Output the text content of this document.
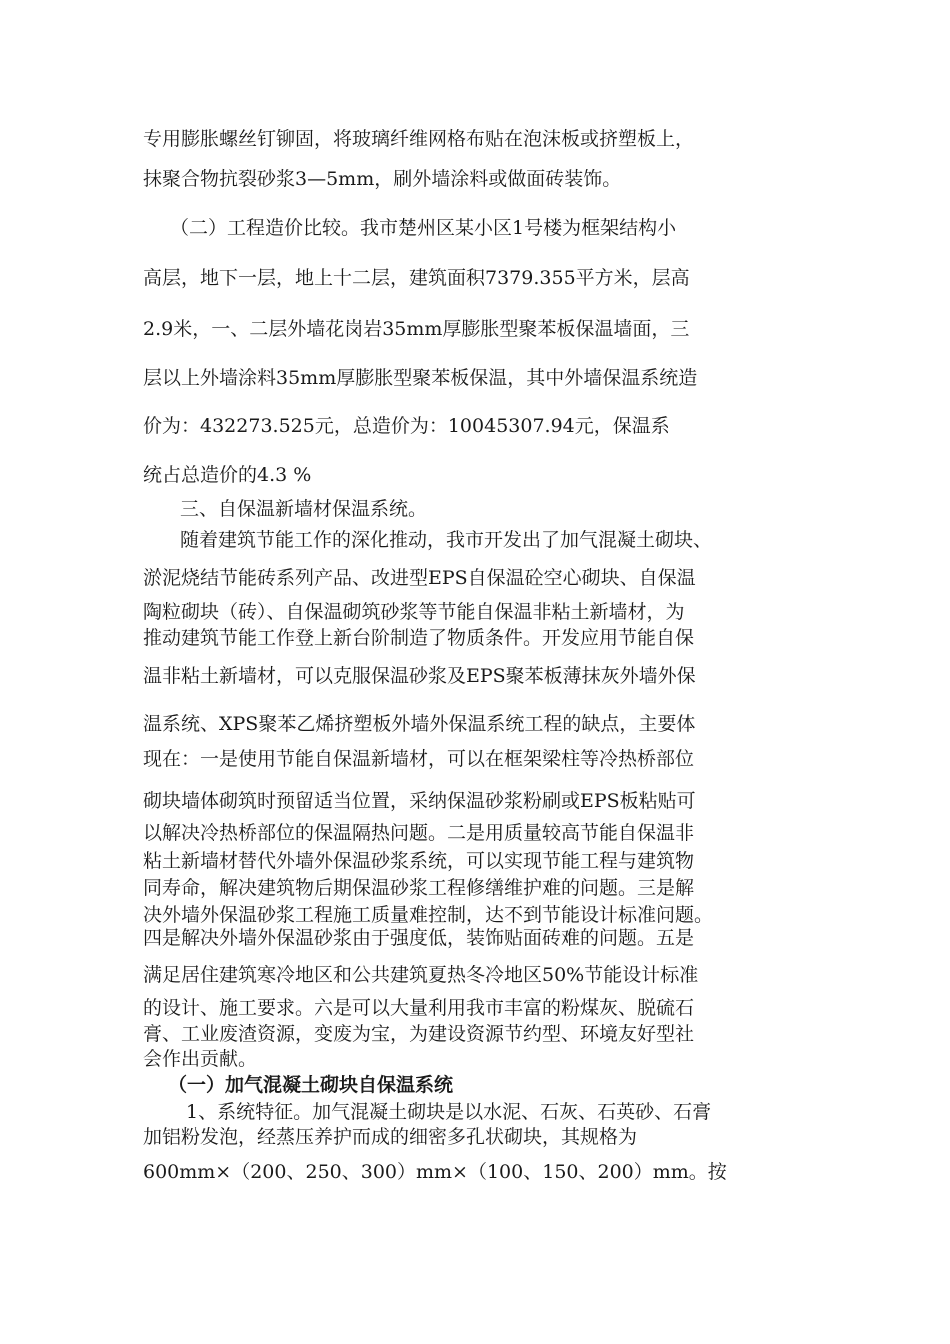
专用膨胀螺丝钉铆固，将玻璃纤维网格布贴在泡沫板或挤塑板上，
抹聚合物抗裂砂浆3—5mm，刷外墙涂料或做面砖装饰。
（二）工程造价比较。我市楚州区某小区1号楼为框架结构小
高层，地下一层，地上十二层，建筑面积7379.355平方米，层高
2.9米，一、二层外墙花岗岩35mm厚膨胀型聚苯板保温墙面，三
层以上外墙涂料35mm厚膨胀型聚苯板保温，其中外墙保温系统造
价为：432273.525元，总造价为：10045307.94元，保温系
统占总造价的4.3 %
三、自保温新墙材保温系统。
随着建筑节能工作的深化推动，我市开发出了加气混凝土砌块、
淤泥烧结节能砖系列产品、改进型EPS自保温砼空心砌块、自保温
陶粒砌块（砖）、自保温砌筑砂浆等节能自保温非粘土新墙材，为
推动建筑节能工作登上新台阶制造了物质条件。开发应用节能自保
温非粘土新墙材，可以克服保温砂浆及EPS聚苯板薄抹灰外墙外保
温系统、XPS聚苯乙烯挤塑板外墙外保温系统工程的缺点，主要体
现在：一是使用节能自保温新墙材，可以在框架梁柱等冷热桥部位
砌块墙体砌筑时预留适当位置，采纳保温砂浆粉刷或EPS板粘贴可
以解决冷热桥部位的保温隔热问题。二是用质量较高节能自保温非
粘土新墙材替代外墙外保温砂浆系统，可以实现节能工程与建筑物
同寿命，解决建筑物后期保温砂浆工程修缮维护难的问题。三是解
决外墙外保温砂浆工程施工质量难控制，达不到节能设计标准问题。
四是解决外墙外保温砂浆由于强度低，装饰贴面砖难的问题。五是
满足居住建筑寒冷地区和公共建筑夏热冬冷地区50%节能设计标准
的设计、施工要求。六是可以大量利用我市丰富的粉煤灰、脱硫石
膏、工业废渣资源，变废为宝，为建设资源节约型、环境友好型社
会作出贡献。
（一）加气混凝土砌块自保温系统
1、系统特征。加气混凝土砌块是以水泥、石灰、石英砂、石膏
加铝粉发泡，经蒸压养护而成的细密多孔状砌块，其规格为
600mm×（200、250、300）mm×（100、150、200）mm。按
